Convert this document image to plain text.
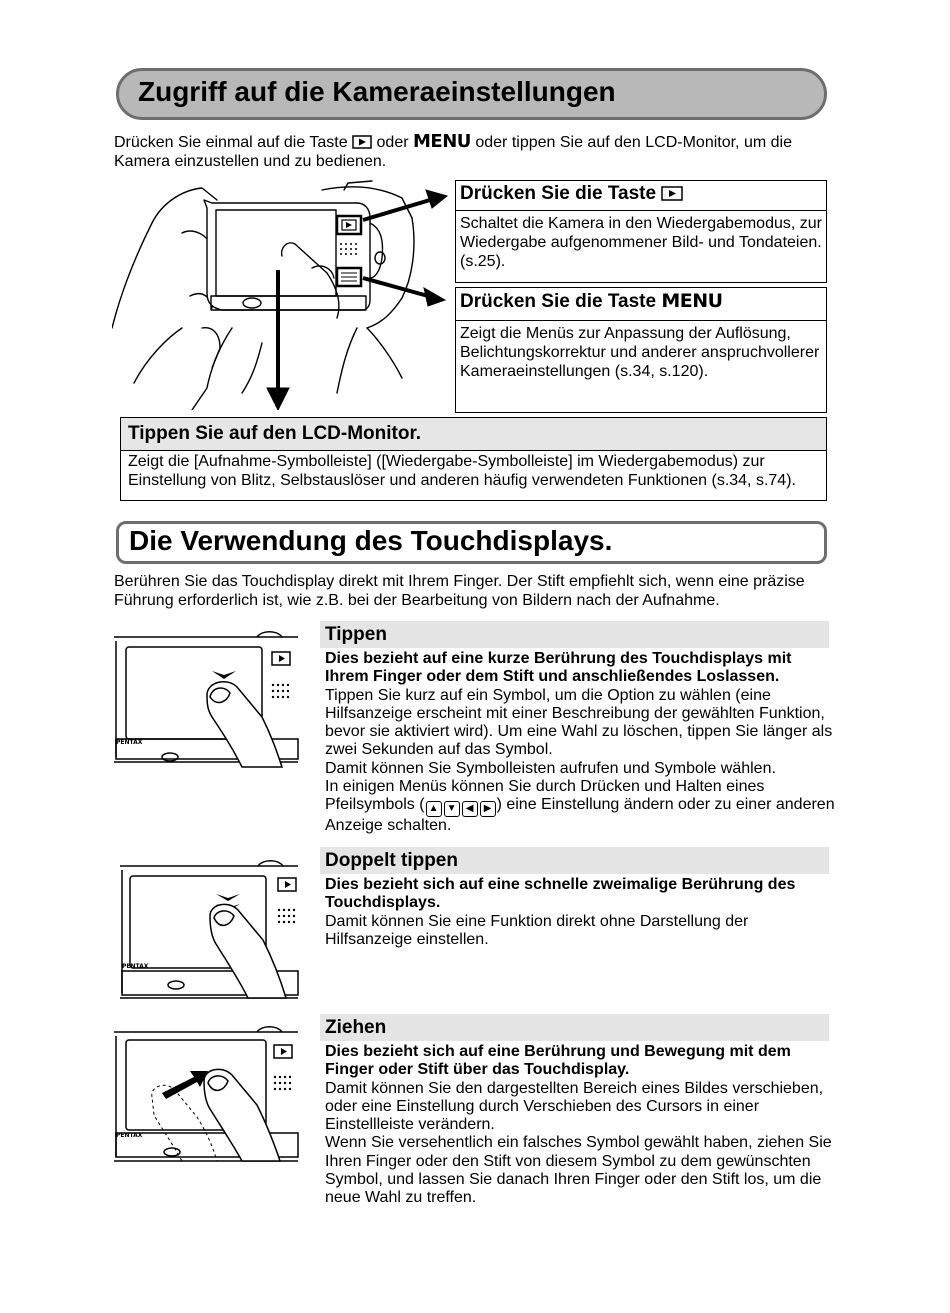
Zugriff auf die Kameraeinstellungen
Drücken Sie einmal auf die Taste oder MENU oder tippen Sie auf den LCD-Monitor, um die
Kamera einzustellen und zu bedienen.
Drücken Sie die Taste
Schaltet die Kamera in den Wiedergabemodus, zur Wiedergabe aufgenommener Bild- und Tondateien. (s.25).
Drücken Sie die Taste MENU
Zeigt die Menüs zur Anpassung der Auflösung, Belichtungskorrektur und anderer anspruchvollerer Kameraeinstellungen (s.34, s.120).
Tippen Sie auf den LCD-Monitor.
Zeigt die [Aufnahme-Symbolleiste] ([Wiedergabe-Symbolleiste] im Wiedergabemodus) zur Einstellung von Blitz, Selbstauslöser und anderen häufig verwendeten Funktionen (s.34, s.74).
Die Verwendung des Touchdisplays.
Berühren Sie das Touchdisplay direkt mit Ihrem Finger. Der Stift empfiehlt sich, wenn eine präzise
Führung erforderlich ist, wie z.B. bei der Bearbeitung von Bildern nach der Aufnahme.
PENTAX
PENTAX
PENTAX
Tippen
Dies bezieht auf eine kurze Berührung des Touchdisplays mit Ihrem Finger oder dem Stift und anschließendes Loslassen.
Tippen Sie kurz auf ein Symbol, um die Option zu wählen (eine Hilfsanzeige erscheint mit einer Beschreibung der gewählten Funktion, bevor sie aktiviert wird). Um eine Wahl zu löschen, tippen Sie länger als zwei Sekunden auf das Symbol.
Damit können Sie Symbolleisten aufrufen und Symbole wählen.
In einigen Menüs können Sie durch Drücken und Halten eines Pfeilsymbols ( ▲ ▼ ◀ ▶ ) eine Einstellung ändern oder zu einer anderen Anzeige schalten.
Doppelt tippen
Dies bezieht sich auf eine schnelle zweimalige Berührung des Touchdisplays.
Damit können Sie eine Funktion direkt ohne Darstellung der Hilfsanzeige einstellen.
Ziehen
Dies bezieht sich auf eine Berührung und Bewegung mit dem Finger oder Stift über das Touchdisplay.
Damit können Sie den dargestellten Bereich eines Bildes verschieben, oder eine Einstellung durch Verschieben des Cursors in einer Einstellleiste verändern.
Wenn Sie versehentlich ein falsches Symbol gewählt haben, ziehen Sie Ihren Finger oder den Stift von diesem Symbol zu dem gewünschten Symbol, und lassen Sie danach Ihren Finger oder den Stift los, um die neue Wahl zu treffen.
